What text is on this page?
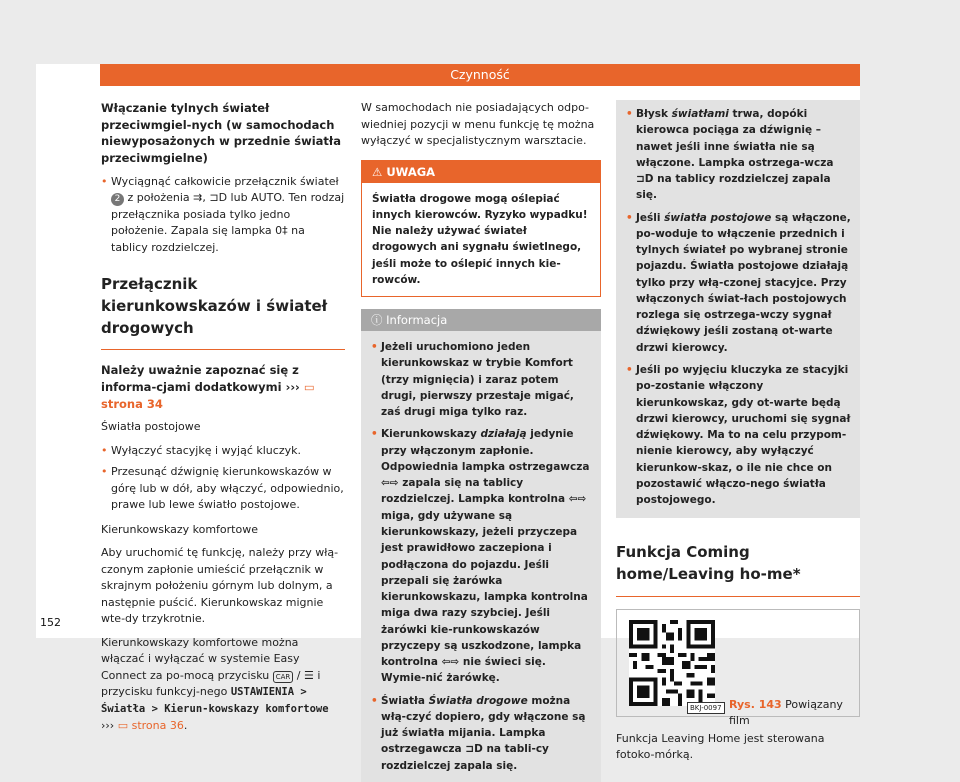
Czynność

Włączanie tylnych świateł przeciwmgiel-nych (w samochodach niewyposażonych w przednie światła przeciwmgielne)

• Wyciągnąć całkowicie przełącznik świateł 2 z położenia ⇉, ⊐D lub AUTO. Ten rodzaj przełącznika posiada tylko jedno położenie. Zapala się lampka 0‡ na tablicy rozdzielczej.
Przełącznik kierunkowskazów i świateł drogowych

Należy uważnie zapoznać się z informa-cjami dodatkowymi ››› ▭ strona 34

Światła postojowe

• Wyłączyć stacyjkę i wyjąć kluczyk.
• Przesunąć dźwignię kierunkowskazów w górę lub w dół, aby włączyć, odpowiednio, prawe lub lewe światło postojowe.

Kierunkowskazy komfortowe

Aby uruchomić tę funkcję, należy przy włą-czonym zapłonie umieścić przełącznik w skrajnym położeniu górnym lub dolnym, a następnie puścić. Kierunkowskaz mignie wte-dy trzykrotnie.

Kierunkowskazy komfortowe można włączać i wyłączać w systemie Easy Connect za po-mocą przycisku CAR / ☰ i przycisku funkcyj-nego USTAWIENIA > Światła > Kierun-kowskazy komfortowe ››› ▭ strona 36.

W samochodach nie posiadających odpo-wiedniej pozycji w menu funkcję tę można wyłączyć w specjalistycznym warsztacie.

⚠ UWAGA
Światła drogowe mogą oślepiać innych kierowców. Ryzyko wypadku! Nie należy używać świateł drogowych ani sygnału świetlnego, jeśli może to oślepić innych kie-rowców.
ⓘ Informacja
• Jeżeli uruchomiono jeden kierunkowskaz w trybie Komfort (trzy mignięcia) i zaraz potem drugi, pierwszy przestaje migać, zaś drugi miga tylko raz.
• Kierunkowskazy działają jedynie przy włączonym zapłonie. Odpowiednia lampka ostrzegawcza ⇦⇨ zapala się na tablicy rozdzielczej. Lampka kontrolna ⇦⇨ miga, gdy używane są kierunkowskazy, jeżeli przyczepa jest prawidłowo zaczepiona i podłączona do pojazdu. Jeśli przepali się żarówka kierunkowskazu, lampka kontrolna miga dwa razy szybciej. Jeśli żarówki kie-runkowskazów przyczepy są uszkodzone, lampka kontrolna ⇦⇨ nie świeci się. Wymie-nić żarówkę.
• Światła Światła drogowe można włą-czyć dopiero, gdy włączone są już światła mijania. Lampka ostrzegawcza ⊐D na tabli-cy rozdzielczej zapala się.
• Błysk światłami trwa, dopóki kierowca pociąga za dźwignię – nawet jeśli inne światła nie są włączone. Lampka ostrzega-wcza ⊐D na tablicy rozdzielczej zapala się.
• Jeśli światła postojowe są włączone, po-woduje to włączenie przednich i tylnych świateł po wybranej stronie pojazdu. Światła postojowe działają tylko przy włą-czonej stacyjce. Przy włączonych świat-łach postojowych rozlega się ostrzega-wczy sygnał dźwiękowy jeśli zostaną ot-warte drzwi kierowcy.
• Jeśli po wyjęciu kluczyka ze stacyjki po-zostanie włączony kierunkowskaz, gdy ot-warte będą drzwi kierowcy, uruchomi się sygnał dźwiękowy. Ma to na celu przypom-nienie kierowcy, aby wyłączyć kierunkow-skaz, o ile nie chce on pozostawić włączo-nego światła postojowego.
Funkcja Coming home/Leaving ho-me*
BKJ-0097 Rys. 143 Powiązany film

Funkcja Leaving Home jest sterowana fotoko-mórką.

152
